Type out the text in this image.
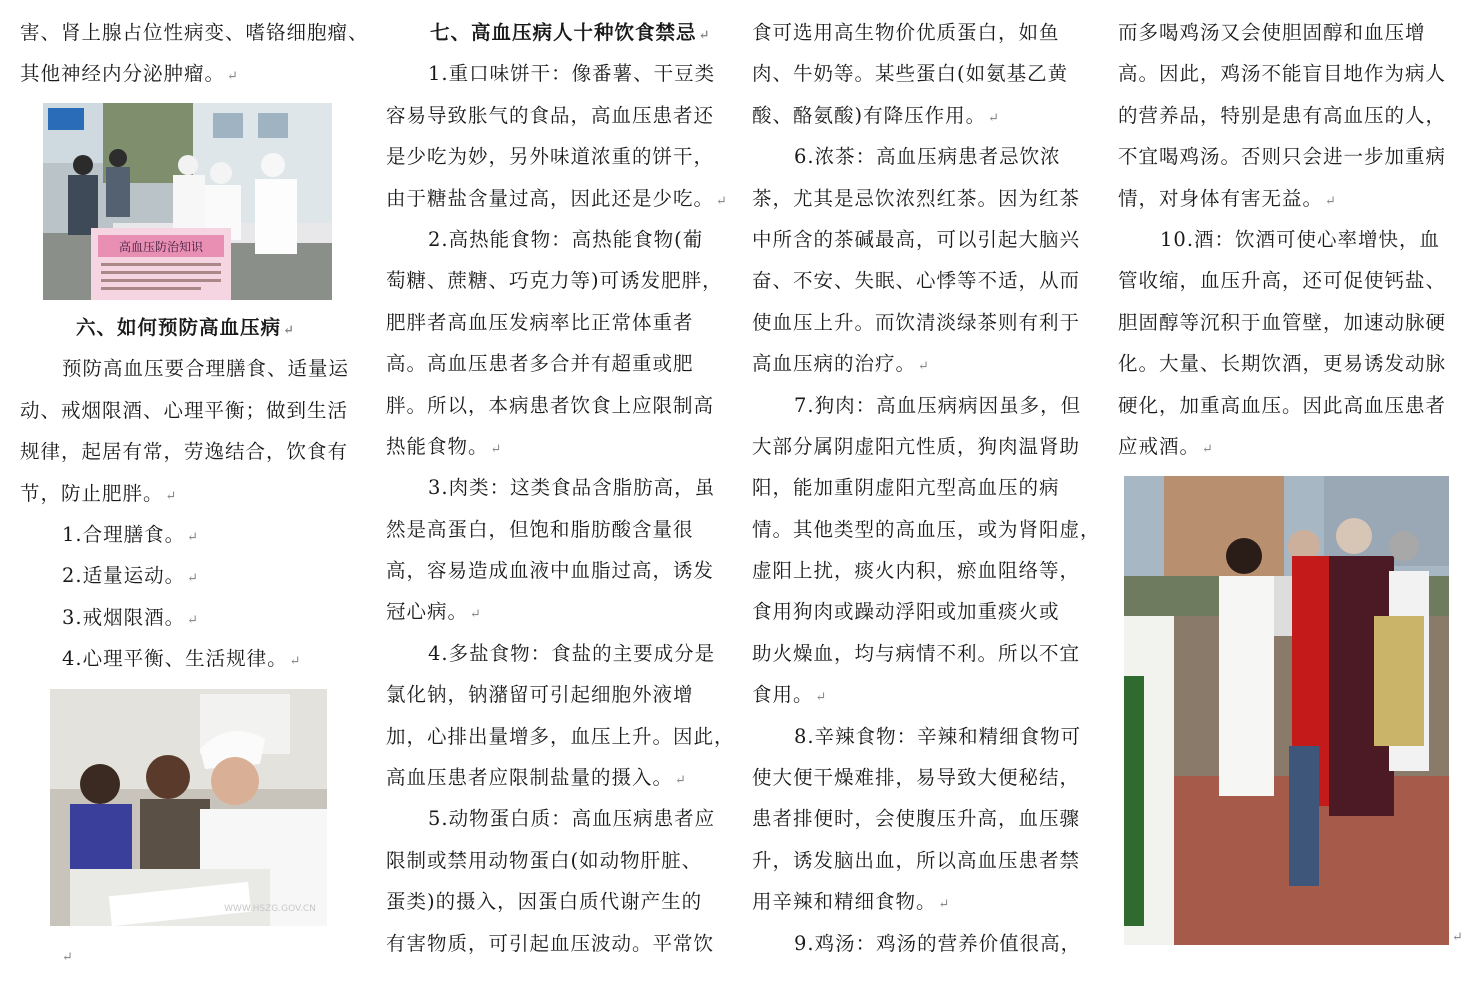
害、肾上腺占位性病变、嗜铬细胞瘤、
其他神经内分泌肿瘤。 ↵
高血压防治知识
六、如何预防高血压病 ↵
预防高血压要合理膳食、适量运
动、戒烟限酒、心理平衡；做到生活
规律，起居有常，劳逸结合，饮食有
节，防止肥胖。 ↵
1.合理膳食。 ↵
2.适量运动。 ↵
3.戒烟限酒。 ↵
4.心理平衡、生活规律。 ↵
WWW.HSZG.GOV.CN
↵
七、高血压病人十种饮食禁忌 ↵
1.重口味饼干：像番薯、干豆类
容易导致胀气的食品，高血压患者还
是少吃为妙，另外味道浓重的饼干，
由于糖盐含量过高，因此还是少吃。 ↵
2.高热能食物：高热能食物(葡
萄糖、蔗糖、巧克力等)可诱发肥胖，
肥胖者高血压发病率比正常体重者
高。高血压患者多合并有超重或肥
胖。所以，本病患者饮食上应限制高
热能食物。 ↵
3.肉类：这类食品含脂肪高，虽
然是高蛋白，但饱和脂肪酸含量很
高，容易造成血液中血脂过高，诱发
冠心病。 ↵
4.多盐食物：食盐的主要成分是
氯化钠，钠潴留可引起细胞外液增
加，心排出量增多，血压上升。因此，
高血压患者应限制盐量的摄入。 ↵
5.动物蛋白质：高血压病患者应
限制或禁用动物蛋白(如动物肝脏、
蛋类)的摄入，因蛋白质代谢产生的
有害物质，可引起血压波动。平常饮
食可选用高生物价优质蛋白，如鱼
肉、牛奶等。某些蛋白(如氨基乙黄
酸、酪氨酸)有降压作用。 ↵
6.浓茶：高血压病患者忌饮浓
茶，尤其是忌饮浓烈红茶。因为红茶
中所含的茶碱最高，可以引起大脑兴
奋、不安、失眠、心悸等不适，从而
使血压上升。而饮清淡绿茶则有利于
高血压病的治疗。 ↵
7.狗肉：高血压病病因虽多，但
大部分属阴虚阳亢性质，狗肉温肾助
阳，能加重阴虚阳亢型高血压的病
情。其他类型的高血压，或为肾阳虚，
虚阳上扰，痰火内积，瘀血阻络等，
食用狗肉或躁动浮阳或加重痰火或
助火燥血，均与病情不利。所以不宜
食用。 ↵
8.辛辣食物：辛辣和精细食物可
使大便干燥难排，易导致大便秘结，
患者排便时，会使腹压升高，血压骤
升，诱发脑出血，所以高血压患者禁
用辛辣和精细食物。 ↵
9.鸡汤：鸡汤的营养价值很高，
而多喝鸡汤又会使胆固醇和血压增
高。因此，鸡汤不能盲目地作为病人
的营养品，特别是患有高血压的人，
不宜喝鸡汤。否则只会进一步加重病
情，对身体有害无益。 ↵
10.酒：饮酒可使心率增快，血
管收缩，血压升高，还可促使钙盐、
胆固醇等沉积于血管壁，加速动脉硬
化。大量、长期饮酒，更易诱发动脉
硬化，加重高血压。因此高血压患者
应戒酒。 ↵
↵
